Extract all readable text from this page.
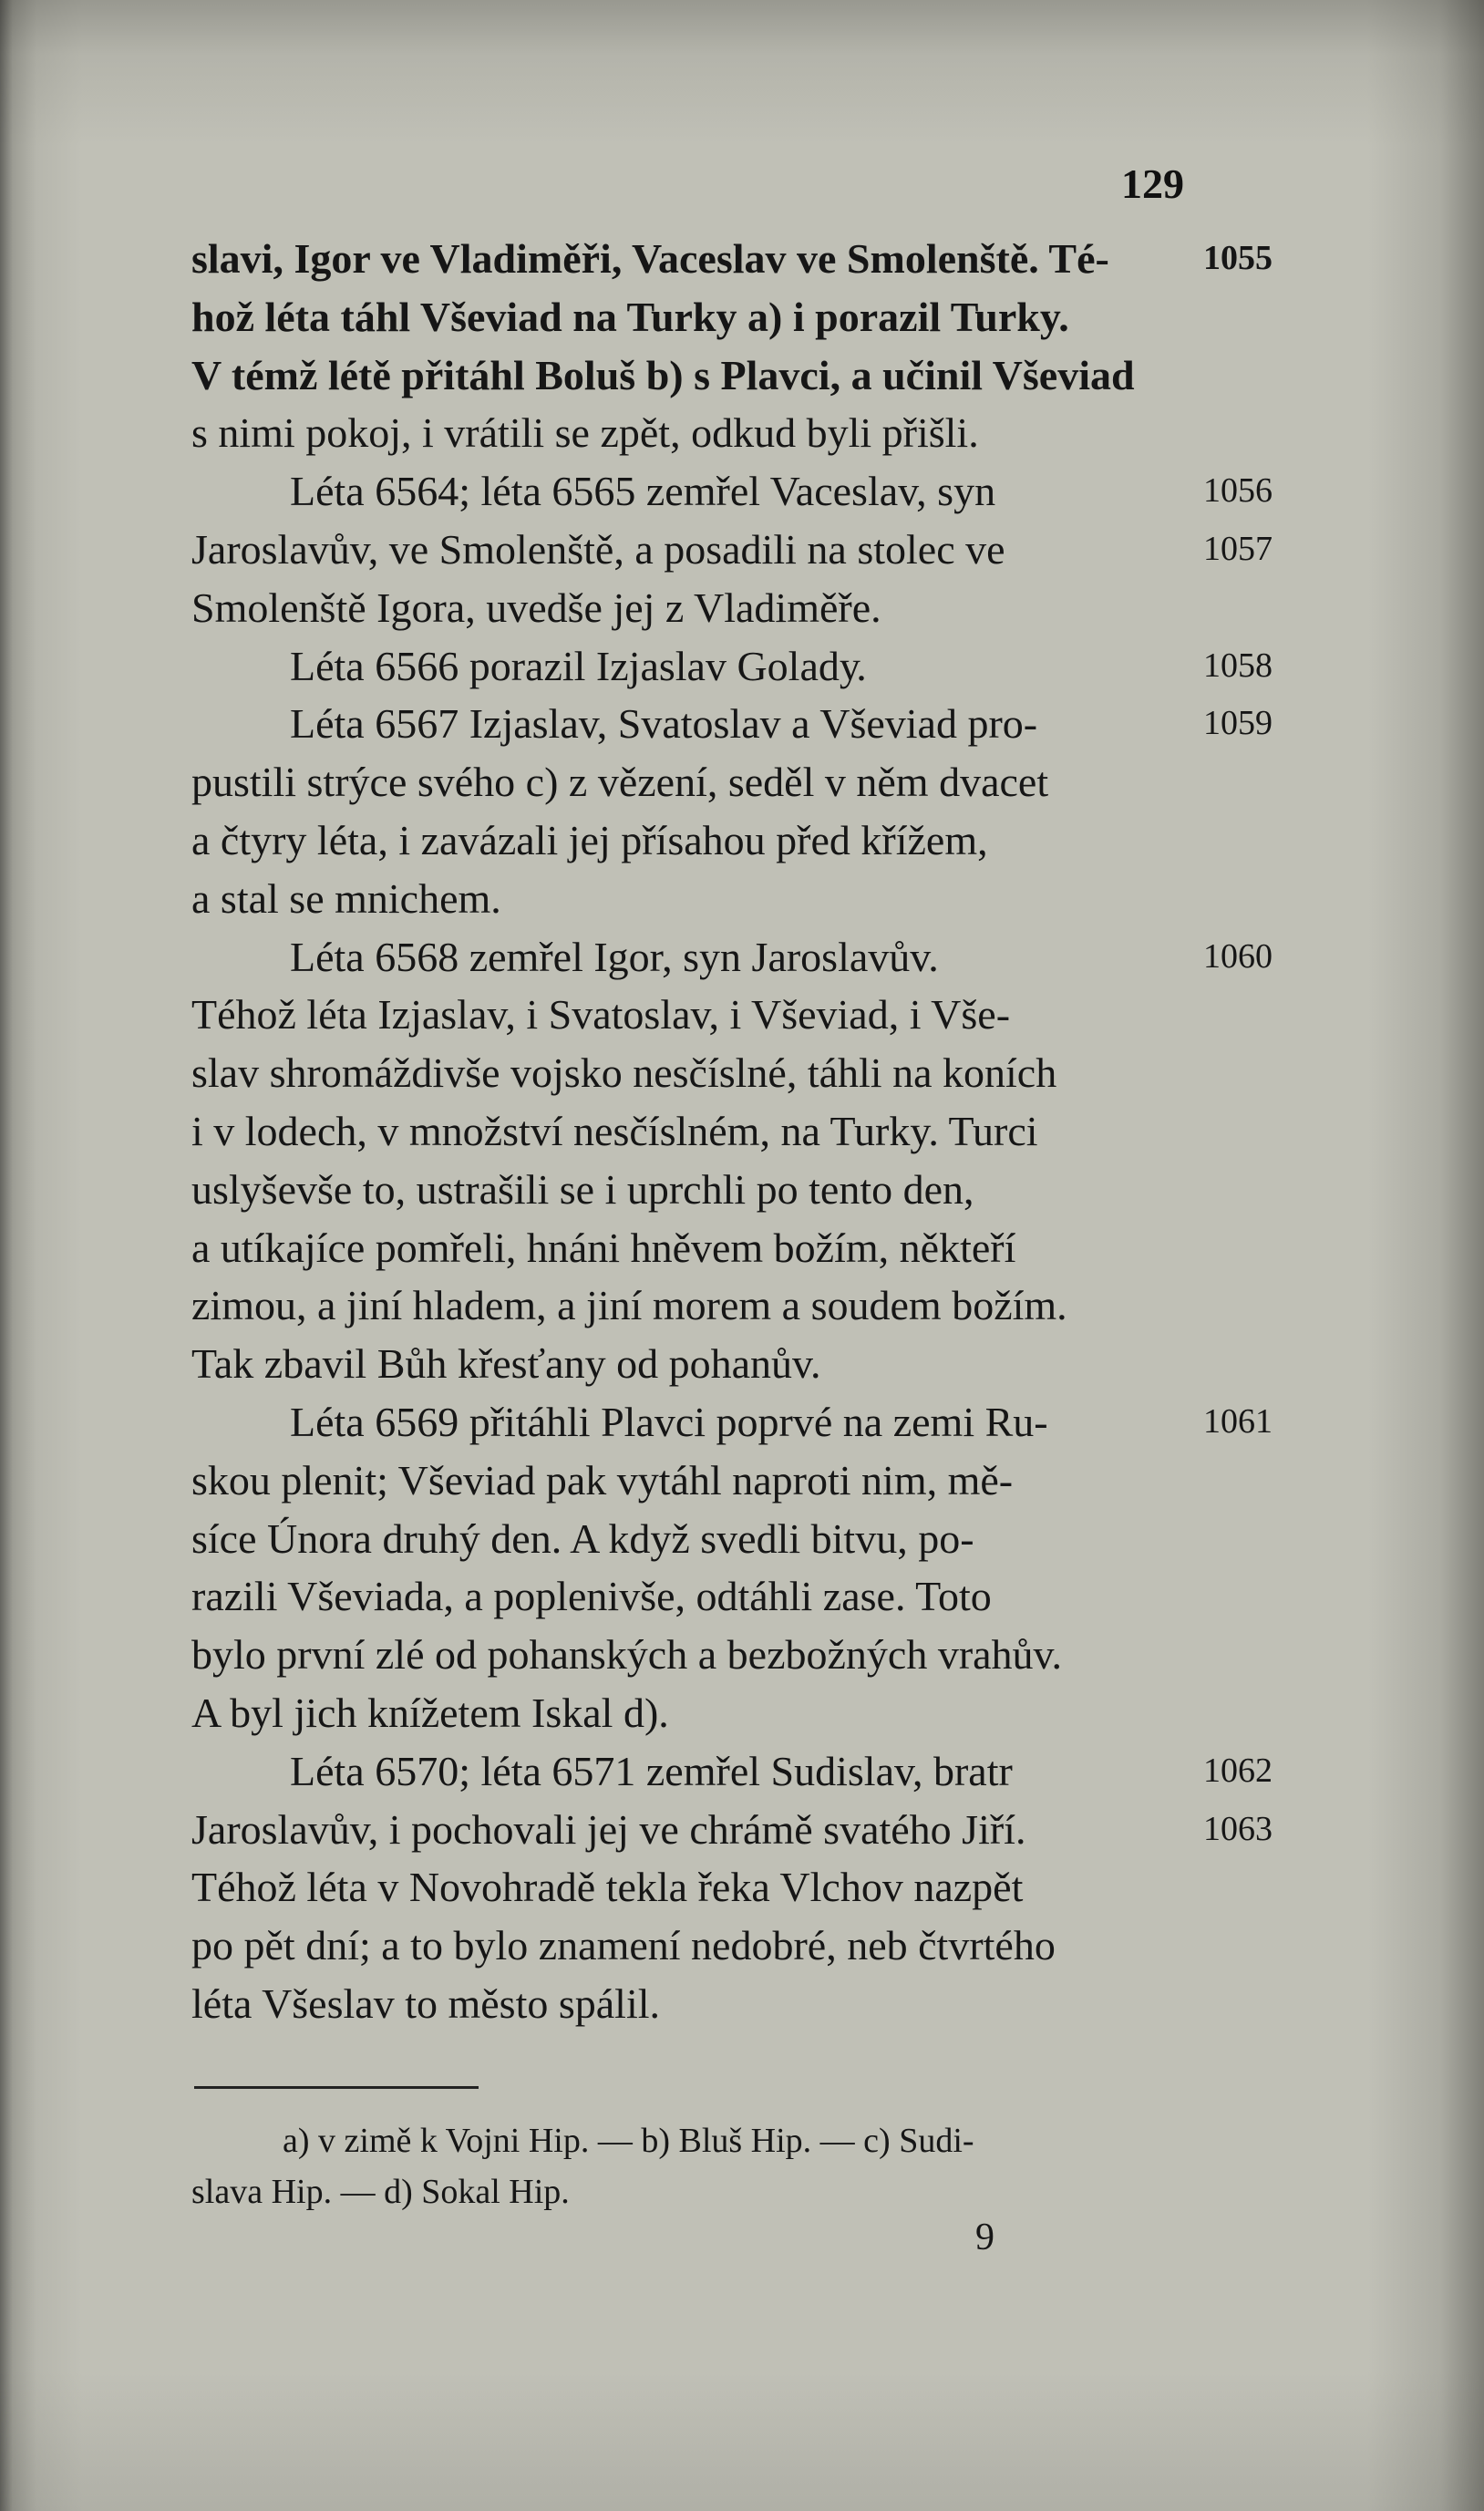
129
slavi, Igor ve Vladiměři, Vaceslav ve Smolenště. Té-	1055
hož léta táhl Vševiad na Turky a) i porazil Turky.
V témž létě přitáhl Boluš b) s Plavci, a učinil Vševiad
s nimi pokoj, i vrátili se zpět, odkud byli přišli.
Léta 6564; léta 6565 zemřel Vaceslav, syn	1056
Jaroslavův, ve Smolenště, a posadili na stolec ve	1057
Smolenště Igora, uvedše jej z Vladiměře.
Léta 6566 porazil Izjaslav Goladу.	1058
Léta 6567 Izjaslav, Svatoslav a Vševiad pro-	1059
pustili strýce svého c) z vězení, seděl v něm dvacet
a čtyry léta, i zavázali jej přísahou před křížem,
a stal se mnichem.
Léta 6568 zemřel Igor, syn Jaroslavův.	1060
Téhož léta Izjaslav, i Svatoslav, i Vševiad, i Vše-
slav shromáždivše vojsko nesčíslné, táhli na koních
i v lodech, v množství nesčíslném, na Turky. Turci
uslyševše to, ustrašili se i uprchli po tento den,
a utíkajíce pomřeli, hnáni hněvem božím, někteří
zimou, a jiní hladem, a jiní morem a soudem božím.
Tak zbavil Bůh křesťany od pohanův.
Léta 6569 přitáhli Plavci poprvé na zemi Ru-	1061
skou plenit; Vševiad pak vytáhl naproti nim, mě-
síce Února druhý den. A když svedli bitvu, po-
razili Vševiada, a poplenivše, odtáhli zase. Toto
bylo první zlé od pohanských a bezbožných vrahův.
A byl jich knížetem Iskal d).
Léta 6570; léta 6571 zemřel Sudislav, bratr	1062
Jaroslavův, i pochovali jej ve chrámě svatého Jiří.	1063
Téhož léta v Novohradě tekla řeka Vlchov nazpět
po pět dní; a to bylo znamení nedobré, neb čtvrtého
léta Všeslav to město spálil.
a) v zimě k Vojni Hip. — b) Bluš Hip. — c) Sudi-
slava Hip. — d) Sokal Hip.
9
